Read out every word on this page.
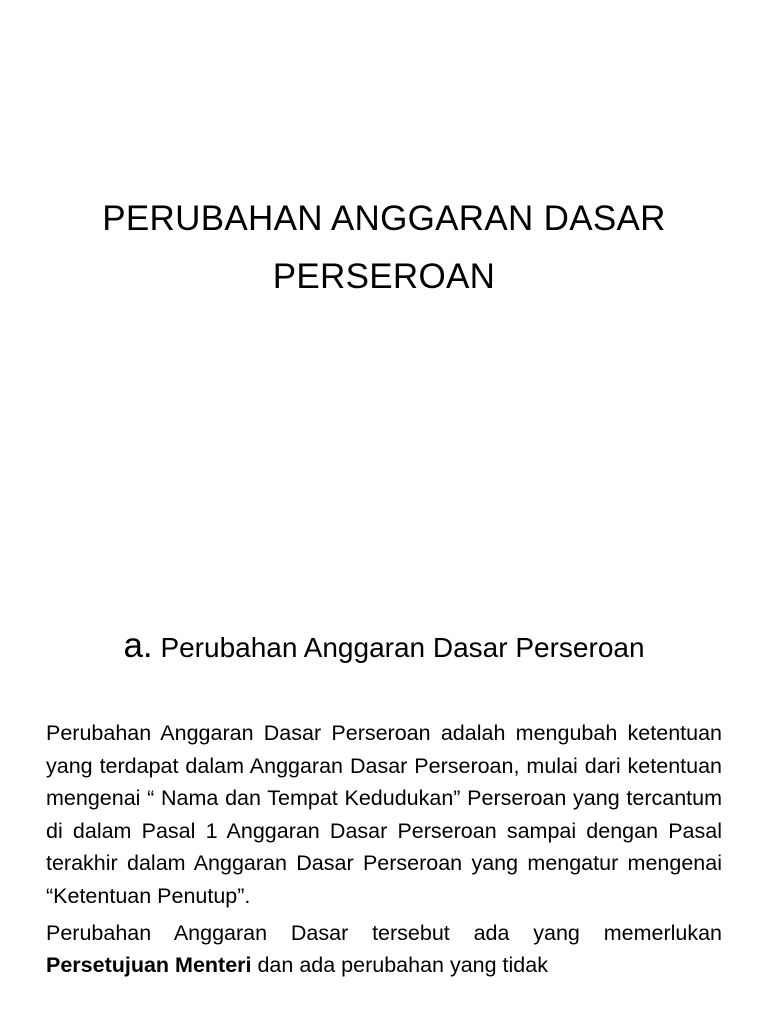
PERUBAHAN ANGGARAN DASAR
PERSEROAN
a. Perubahan Anggaran Dasar Perseroan

Perubahan Anggaran Dasar Perseroan adalah mengubah ketentuan yang terdapat dalam Anggaran Dasar Perseroan, mulai dari ketentuan mengenai “ Nama dan Tempat Kedudukan” Perseroan yang tercantum di dalam Pasal 1 Anggaran Dasar Perseroan sampai dengan Pasal terakhir dalam Anggaran Dasar Perseroan yang mengatur mengenai “Ketentuan Penutup”.

Perubahan Anggaran Dasar tersebut ada yang memerlukan Persetujuan Menteri dan ada perubahan yang tidak
